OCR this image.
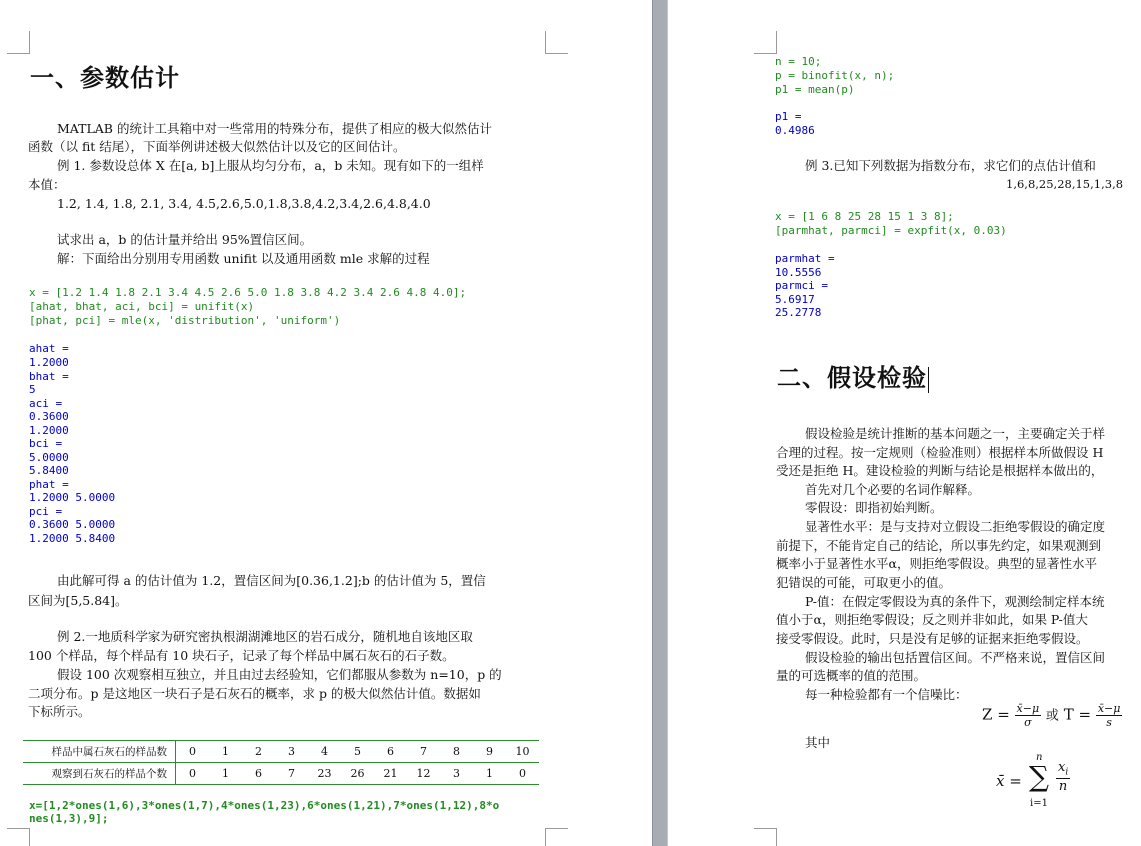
一、参数估计
MATLAB 的统计工具箱中对一些常用的特殊分布，提供了相应的极大似然估计
函数（以 fit 结尾），下面举例讲述极大似然估计以及它的区间估计。
例 1. 参数设总体 X 在[a, b]上服从均匀分布，a，b 未知。现有如下的一组样
本值：
1.2, 1.4, 1.8, 2.1, 3.4, 4.5,2.6,5.0,1.8,3.8,4.2,3.4,2.6,4.8,4.0
试求出 a，b 的估计量并给出 95%置信区间。
解：下面给出分别用专用函数 unifit 以及通用函数 mle 求解的过程
x = [1.2 1.4 1.8 2.1 3.4 4.5 2.6 5.0 1.8 3.8 4.2 3.4 2.6 4.8 4.0];
[ahat, bhat, aci, bci] = unifit(x)
[phat, pci] = mle(x, 'distribution', 'uniform')
ahat =
1.2000
bhat =
5
aci =
0.3600
1.2000
bci =
5.0000
5.8400
phat =
1.2000 5.0000
pci =
0.3600 5.0000
1.2000 5.8400
由此解可得 a 的估计值为 1.2，置信区间为[0.36,1.2];b 的估计值为 5，置信
区间为[5,5.84]。
例 2.一地质科学家为研究密执根湖湖滩地区的岩石成分，随机地自该地区取
100 个样品，每个样品有 10 块石子，记录了每个样品中属石灰石的石子数。
假设 100 次观察相互独立，并且由过去经验知，它们都服从参数为 n=10，p 的
二项分布。p 是这地区一块石子是石灰石的概率，求 p 的极大似然估计值。数据如
下标所示。
样品中属石灰石的样品数	0	1	2	3	4	5	6	7	8	9	10
观察到石灰石的样品个数	0	1	6	7	23	26	21	12	3	1	0
x=[1,2*ones(1,6),3*ones(1,7),4*ones(1,23),6*ones(1,21),7*ones(1,12),8*o
nes(1,3),9];
n = 10;
p = binofit(x, n);
p1 = mean(p)
p1 =
0.4986
例 3.已知下列数据为指数分布，求它们的点估计值和
1,6,8,25,28,15,1,3,8
x = [1 6 8 25 28 15 1 3 8];
[parmhat, parmci] = expfit(x, 0.03)
parmhat =
10.5556
parmci =
5.6917
25.2778
二、假设检验
假设检验是统计推断的基本问题之一，主要确定关于样
合理的过程。按一定规则（检验准则）根据样本所做假设 H
受还是拒绝 H。建设检验的判断与结论是根据样本做出的，
首先对几个必要的名词作解释。
零假设：即指初始判断。
显著性水平：是与支持对立假设二拒绝零假设的确定度
前提下，不能肯定自己的结论，所以事先约定，如果观测到
概率小于显著性水平α，则拒绝零假设。典型的显著性水平
犯错误的可能，可取更小的值。
P-值：在假定零假设为真的条件下，观测绘制定样本统
值小于α，则拒绝零假设；反之则并非如此，如果 P-值大
接受零假设。此时，只是没有足够的证据来拒绝零假设。
假设检验的输出包括置信区间。不严格来说，置信区间
量的可选概率的值的范围。
每一种检验都有一个信噪比：
$Z = \frac{x̄-\mu}{\sigma}$ 或 $T = \frac{x̄-\mu}{s}$
其中
x̄ =
n
∑
i=1
$\frac{x_i}{n}$
